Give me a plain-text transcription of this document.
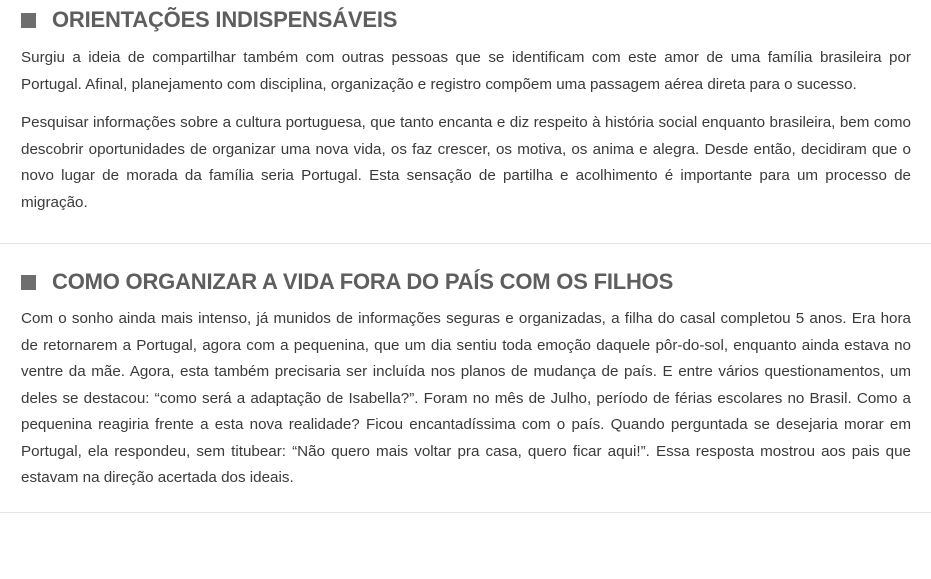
ORIENTAÇÕES INDISPENSÁVEIS

Surgiu a ideia de compartilhar também com outras pessoas que se identificam com este amor de uma família brasileira por Portugal. Afinal, planejamento com disciplina, organização e registro compõem uma passagem aérea direta para o sucesso.

Pesquisar informações sobre a cultura portuguesa, que tanto encanta e diz respeito à história social enquanto brasileira, bem como descobrir oportunidades de organizar uma nova vida, os faz crescer, os motiva, os anima e alegra. Desde então, decidiram que o novo lugar de morada da família seria Portugal. Esta sensação de partilha e acolhimento é importante para um processo de migração.

COMO ORGANIZAR A VIDA FORA DO PAÍS COM OS FILHOS

Com o sonho ainda mais intenso, já munidos de informações seguras e organizadas, a filha do casal completou 5 anos. Era hora de retornarem a Portugal, agora com a pequenina, que um dia sentiu toda emoção daquele pôr-do-sol, enquanto ainda estava no ventre da mãe. Agora, esta também precisaria ser incluída nos planos de mudança de país. E entre vários questionamentos, um deles se destacou: “como será a adaptação de Isabella?”. Foram no mês de Julho, período de férias escolares no Brasil. Como a pequenina reagiria frente a esta nova realidade? Ficou encantadíssima com o país. Quando perguntada se desejaria morar em Portugal, ela respondeu, sem titubear: “Não quero mais voltar pra casa, quero ficar aqui!”. Essa resposta mostrou aos pais que estavam na direção acertada dos ideais.
